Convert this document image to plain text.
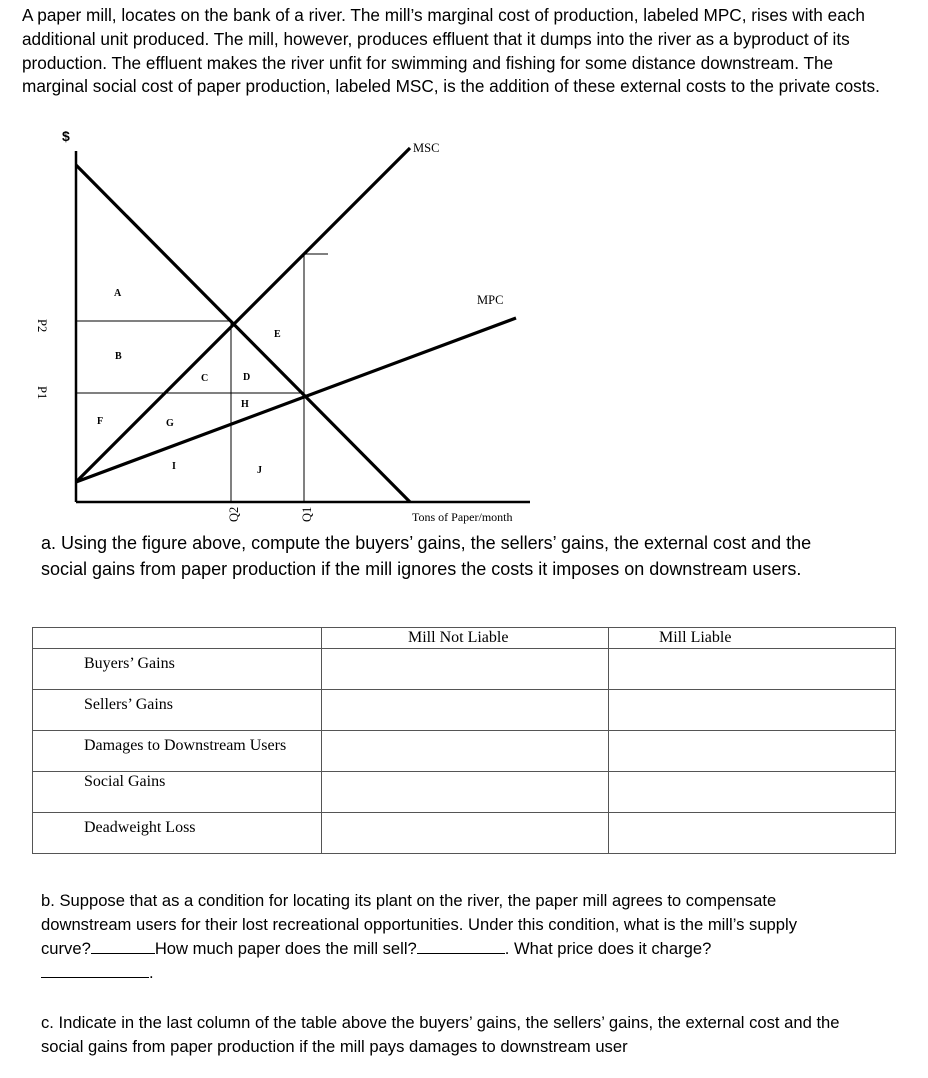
A paper mill, locates on the bank of a river. The mill’s marginal cost of production, labeled MPC, rises with each additional unit produced. The mill, however, produces effluent that it dumps into the river as a byproduct of its production. The effluent makes the river unfit for swimming and fishing for some distance downstream. The marginal social cost of paper production, labeled MSC, is the addition of these external costs to the private costs.

$
P2
P1
Q2	Q1	Tons of Paper/month
MSC
MPC
A
B
C	D
E
F	G
H
I	J

a. Using the figure above, compute the buyers’ gains, the sellers’ gains, the external cost and the social gains from paper production if the mill ignores the costs it imposes on downstream users.

	Mill Not Liable	Mill Liable

Buyers’ Gains		

Sellers’ Gains		

Damages to Downstream Users		

Social Gains		

Deadweight Loss		

b. Suppose that as a condition for locating its plant on the river, the paper mill agrees to compensate downstream users for their lost recreational opportunities. Under this condition, what is the mill’s supply curve?	How much paper does the mill sell?	. What price does it charge?
.

c. Indicate in the last column of the table above the buyers’ gains, the sellers’ gains, the external cost and the social gains from paper production if the mill pays damages to downstream user
